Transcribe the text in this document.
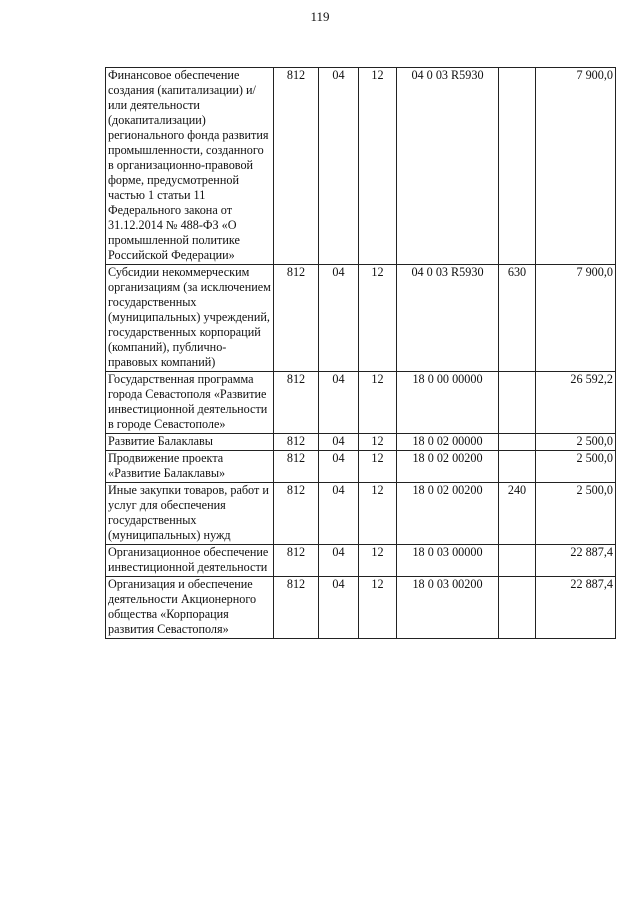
119
Финансовое обеспечение создания (капитализации) и/или деятельности (докапитализации) регионального фонда развития промышленности, созданного в организационно-правовой форме, предусмотренной частью 1 статьи 11 Федерального закона от 31.12.2014 № 488-ФЗ «О промышленной политике Российской Федерации»	812	04	12	04 0 03 R5930		7 900,0
Субсидии некоммерческим организациям (за исключением государственных (муниципальных) учреждений, государственных корпораций (компаний), публично-правовых компаний)	812	04	12	04 0 03 R5930	630	7 900,0
Государственная программа города Севастополя «Развитие инвестиционной деятельности в городе Севастополе»	812	04	12	18 0 00 00000		26 592,2
Развитие Балаклавы	812	04	12	18 0 02 00000		2 500,0
Продвижение проекта «Развитие Балаклавы»	812	04	12	18 0 02 00200		2 500,0
Иные закупки товаров, работ и услуг для обеспечения государственных (муниципальных) нужд	812	04	12	18 0 02 00200	240	2 500,0
Организационное обеспечение инвестиционной деятельности	812	04	12	18 0 03 00000		22 887,4
Организация и обеспечение деятельности Акционерного общества «Корпорация развития Севастополя»	812	04	12	18 0 03 00200		22 887,4
